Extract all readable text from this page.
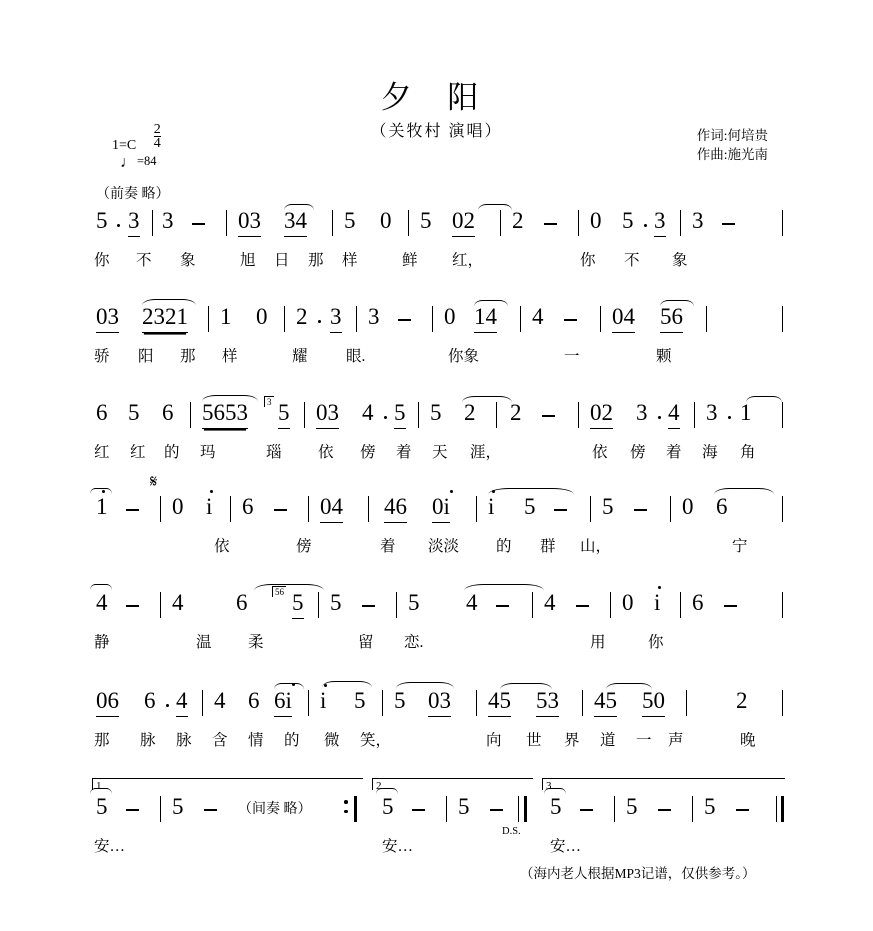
夕 阳
（关牧村 演唱）	作词:何培贵
作曲:施光南
$1=C \frac{2}{4}$
♩=84
（前奏 略）
5 3 3	03 34 5 0 5 02 2	0 5 3 3
你 不 象	旭 日 那 样	鲜 红，	你 不 象
03 2321 1 0 2 3 3	0 14 4	04 56
骄 阳 那 样	耀 眼.	你象	一	颗
6 5 6 5653	3 5 03 4 5 5 2 2	02 3 4 3 1
红 红 的 玛	瑙 依 傍 着 天 涯，	依 傍 着 海 角
𝄋
1	0 i 6	04 46 0i i 5	5	0 6
依	傍	着 淡淡 的 群 山，	宁
4	4 6	56 5 5	5 4	4	0 i 6
静	温 柔	留 恋.	用	你
06 6 4 4 6 6i i 5 5 03 45 53 45 50	2
那 脉 脉 含 情 的 微 笑，	向 世 界 道 一 声	晚
1	2	3
5	5	（间奏 略）	5	5
D.S.
5	5	5
安…	安…	安…
（海内老人根据MP3记谱，仅供参考。）
